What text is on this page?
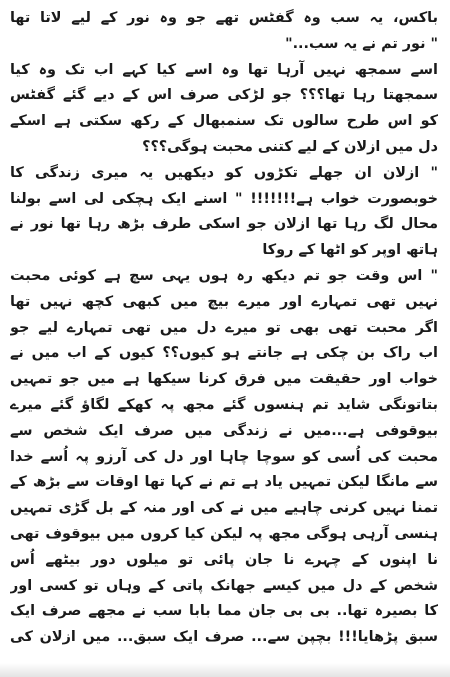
باکس، یہ سب وہ گفٹس تھے جو وہ نور کے لیے لاتا تھا
" نور تم نے یہ سب..."
اسے سمجھ نہیں آرہا تھا وہ اسے کیا کہے اب تک وہ کیا
سمجھتا رہا تھا؟؟؟ جو لڑکی صرف اس کے دیے گئے گفٹس
کو اس طرح سالوں تک سنمبھال کے رکھ سکتی ہے اسکے
دل میں ازلان کے لیے کتنی محبت ہوگی؟؟؟
" ازلان ان جھلے تکڑوں کو دیکھیں یہ میری زندگی کا
خوبصورت خواب ہے!!!!!!! " اسنے ایک ہچکی لی اسے بولنا
محال لگ رہا تھا ازلان جو اسکی طرف بڑھ رہا تھا نور نے
ہاتھ اوپر کو اٹھا کے روکا
" اس وقت جو تم دیکھ رہ ہوں یہی سچ ہے کوئی محبت
نہیں تھی تمہارے اور میرے بیچ میں کبھی کچھ نہیں تھا
اگر محبت تھی بھی تو میرے دل میں تھی تمہارے لیے جو
اب راک بن چکی ہے جانتے ہو کیوں؟؟ کیوں کے اب میں نے
خواب اور حقیقت میں فرق کرنا سیکھا ہے میں جو تمہیں
بتاتونگی شاید تم ہنسوں گئے مجھ پہ کھکے لگاؤ گئے میرے
بیوقوفی ہے...میں نے زندگی میں صرف ایک شخص سے
محبت کی اُسی کو سوچا چاہا اور دل کی آرزو پہ اُسے خدا
سے مانگا لیکن تمہیں یاد ہے تم نے کہا تھا اوقات سے بڑھ کے
تمنا نہیں کرنی چاہیے میں نے کی اور منہ کے بل گڑی تمہیں
ہنسی آرہی ہوگی مجھ پہ لیکن کیا کروں میں بیوقوف تھی
نا اپنوں کے چہرے نا جان پائی تو میلوں دور بیٹھے اُس
شخص کے دل میں کیسے جھانک پاتی کے وہاں تو کسی اور
کا بصیرہ تھا.. بی بی جان مما بابا سب نے مجھے صرف ایک
سبق پڑھایا!!! بچپن سے... صرف ایک سبق... میں ازلان کی
